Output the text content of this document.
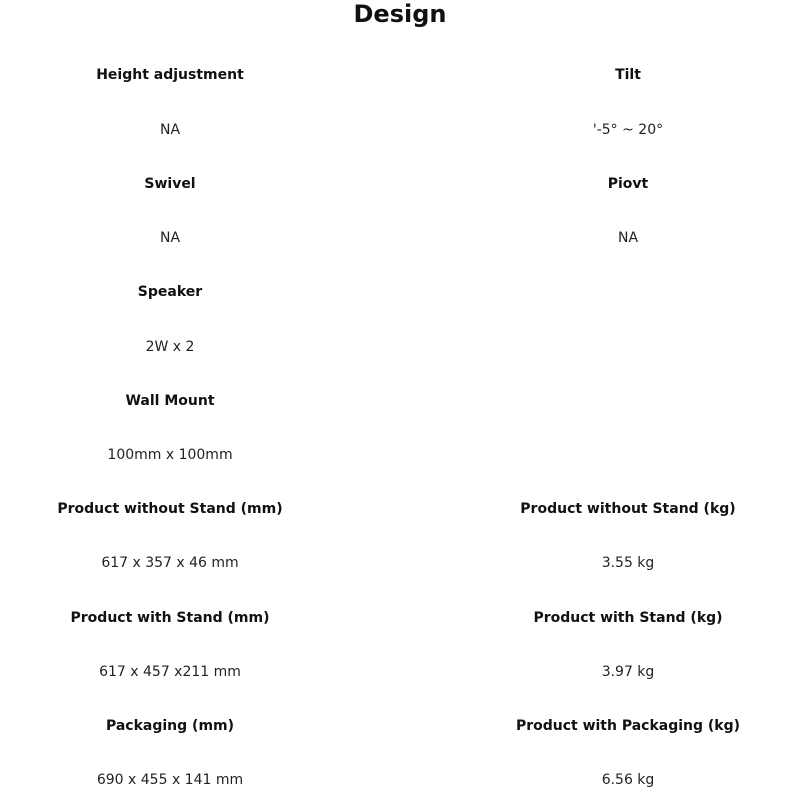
Design
Height adjustment	Tilt
NA	'-5° ~ 20°
Swivel	Piovt
NA	NA
Speaker
2W x 2
Wall Mount
100mm x 100mm
Product without Stand (mm)	Product without Stand (kg)
617 x 357 x 46 mm	3.55 kg
Product with Stand (mm)	Product with Stand (kg)
617 x 457 x211 mm	3.97 kg
Packaging (mm)	Product with Packaging (kg)
690 x 455 x 141 mm	6.56 kg
